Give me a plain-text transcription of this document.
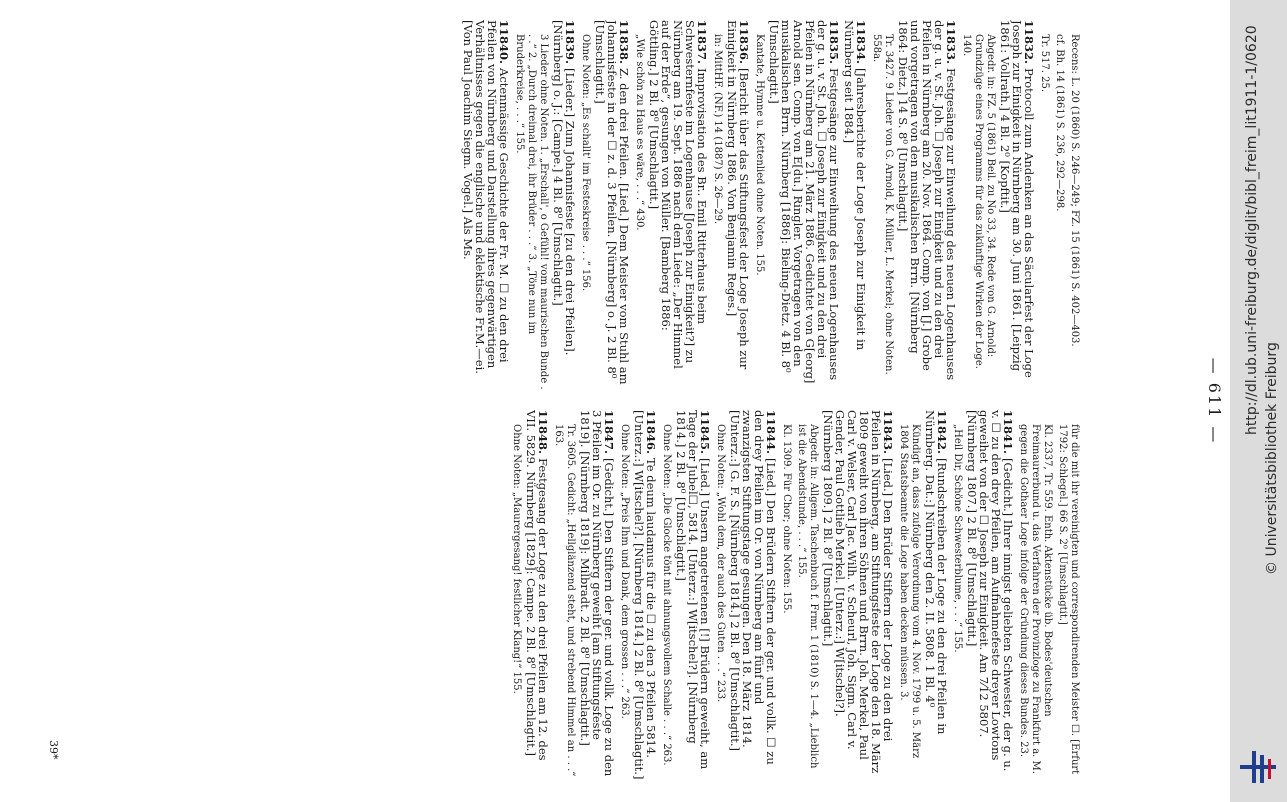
— 611 —
Recens: L. 20 (1860) S. 246—249; FZ. 15 (1861) S. 402—403.
cf. Bh. 14 (1861) S. 236, 292—298.
Tr. 517. 25.
11832.Protocoll zum Andenken an das Säcularfest der Loge Joseph zur Einigkeit in Nürnberg am 30. Juni 1861. [Leipzig 1861: Vollrath.] 4 Bl. 2⁰ [Kopftit.]
Abgedr. in: FZ. 5 (1861) Beil. zu No 33, 34. Rede von G. Arnold: Grundzüge eines Programms für das zukünftige Wirken der Loge. 140.
11833.Festgesänge zur Einweihung des neuen Logenhauses der g. u. v. St. Joh. ☐ Joseph zur Einigkeit und zu den drei Pfeilen in Nürnberg am 20. Nov. 1864. Comp. von [J.] Grobe und vorgetragen von den musikalischen Brrn. [Nürnberg 1864: Dietz.] 14 S. 8⁰ [Umschlagtit.]
Tr. 3427. 9 Lieder von G. Arnold, K. Müller, L. Merkel; ohne Noten. 558a.
11834.[Jahresberichte der Loge Joseph zur Einigkeit in Nürnberg seit 1884.]
11835.Festgesänge zur Einweihung des neuen Logenhauses der g. u. v. St. Joh. ☐ Joseph zur Einigkeit und zu den drei Pfeilen in Nürnberg am 21. März 1886. Gedichtet von G[eorg] Arnold sen. Comp. von E[du.] Ringler. Vorgetragen von den musikalischen Brrn. Nürnberg [1886]: Bieling-Dietz. 4 Bl. 8⁰ [Umschlagtit.]
Kantate, Hymne u. Kettenlied ohne Noten. 155.
11836.[Bericht über das Stiftungsfest der Loge Joseph zur Einigkeit in Nürnberg 1886. Von Benjamin Reges.]
in: MittHF. (NF.) 14 (1887) S. 26—29.
11837.Improvisation des Br.. Emil Ritterhaus beim Schwesternfeste im Logenhause [Joseph zur Einigkeit?] zu Nürnberg am 19. Sept. 1886 nach dem Liede: „Der Himmel auf der Erde“, gesungen von Müller. [Bamberg 1886: Göttling.] 2 Bl. 8⁰ [Umschlagtit.]
„Wie schön zu Haus es wäre, . . .“ 430.
11838.Z. den drei Pfeilen. [Lied.] Dem Meister vom Stuhl am Johannisfeste in der ☐ z. d. 3 Pfeilen. [Nürnberg] o. J. 2 Bl. 8⁰ [Umschlagtit.]
Ohne Noten: „Es schallt' im Festeskreise . . .“ 156.
11839.[Lieder.] Zum Johannisfeste [zu den drei Pfeilen]. [Nürnberg] o. J.: [Campe.] 4 Bl. 8⁰ [Umschlagtit.]
3 Lieder ohne Noten. 1. „Erschall', o Gefühl! vom maurischen Bunde . . .“ 2. „Durch dreimal drei, ihr Brüder . . .“ 3. „Töne nun im Bruderkreise, . . .“ 155.
11840.Actenmässige Geschichte der Fr. M. ☐ zu den drei Pfeilen von Nürnberg und Darstellung ihres gegenwärtigen Verhältnisses gegen die englische und eklektische Fr.M.—ei. [Von Paul Joachim Siegm. Vogel.] Als Ms.
für die mit ihr vereinigten und correspondirenden Meister ☐. [Erfurt 1792: Schlegel.] 66 S. 2⁰ [Umschlagtit.]
Kl. 2337, Tr. 559. Enth. Aktenstücke üb. Bodes'deutschen Freimaurerbund u. das Verfahren der Provinzloge zu Frankfurt a. M. gegen die Gothaer Loge infolge der Gründung dieses Bundes. 23.
11841.[Gedicht.] Ihrer innigst geliebten Schwester, der g. u. v. ☐ zu den drey Pfeilen, am Aufnahmefeste dreyer Lowtons geweihet von der ☐ Joseph zur Einigkeit. Am 7⁄12 5807. [Nürnberg 1807.] 2 Bl. 8⁰ [Umschlagtit.]
„Heil Dir, Schöne Schwesterblume, . . .“ 155.
11842.[Rundschreiben der Loge zu den drei Pfeilen in Nürnberg. Dat.:] Nürnberg den 2. II. 5808. 1 Bl. 4⁰
Kündigt an, dass zufolge Verordnung vom 4. Nov. 1799 u. 5. März 1804 Staatsbeamte die Loge haben decken müssen. 3.
11843.[Lied.] Den Brüder Stiftern der Loge zu den drei Pfeilen in Nürnberg, am Stiftungsfeste der Loge den 18. März 1809 geweiht von ihren Söhnen und Brrn. Joh. Merkel, Paul Carl v. Welser, Carl Jac. Wilh. v. Scheurl, Joh. Sigm. Carl v. Gender, Paul Gottlieb Merkel. [Unterz.:] W[itschel?]. [Nürnberg 1809.] 2 Bl. 8⁰ [Umschlagtit.]
Abgedr. in: Allgem. Taschenbuch f. Frmr. 1 (1810) S. 1—4. „Lieblich ist die Abendstunde, . . .“ 155.
Kl. 1309. Für Chor; ohne Noten: 155.
11844.[Lied.] Den Brüdern Stiftern der ger. und vollk. ☐ zu den drey Pfeilen im Or. von Nürnberg am fünf und zwanzigsten Stiftungstage gesungen. Den 18. März 1814. [Unterz.:] G. F. S. [Nürnberg 1814.] 2 Bl. 8⁰ [Umschlagtit.]
Ohne Noten: „Wohl dem, der auch des Guten . . .“ 233.
11845.[Lied.] Unsern angetretenen [!] Brüdern geweiht, am Tage der Jubel☐, 5814. [Unterz.:] W[itschel?]. [Nürnberg 1814.] 2 Bl. 8⁰ [Umschlagtit.]
Ohne Noten: „Die Glocke tönt mit ahnungsvollem Schalle . . .“ 263.
11846.Te deum laudamus für die ☐ zu den 3 Pfeilen 5814. [Unterz.:] W[itschel?]. [Nürnberg 1814.] 2 Bl. 8⁰ [Umschlagtit.]
Ohne Noten: „Preis Ihm und Dank, dem grossen . . .“ 263.
11847.[Gedicht.] Den Stiftern der ger. und vollk. Loge zu den 3 Pfeilen im Or. zu Nürnberg geweiht [am Stiftungsfeste 1819]. [Nürnberg 1819]: Milbradt. 2 Bl. 8⁰ [Umschlagtit.]
Tr. 3605. Gedicht: „Hellglänzend steht, und strebend Himmel an . . .“ 163.
11848.Festgesang der Loge zu den drei Pfeilen am 12. des VII. 5829. Nürnberg [1829]: Campe. 2 Bl. 8⁰ [Umschlagtit.]
Ohne Noten: „Maurergesang! festlicher Klang!“ 155.
39*
http://dl.ub.uni-freiburg.de/diglit/bibl_freim_lit1911-1/0620
© Universitätsbibliothek Freiburg
